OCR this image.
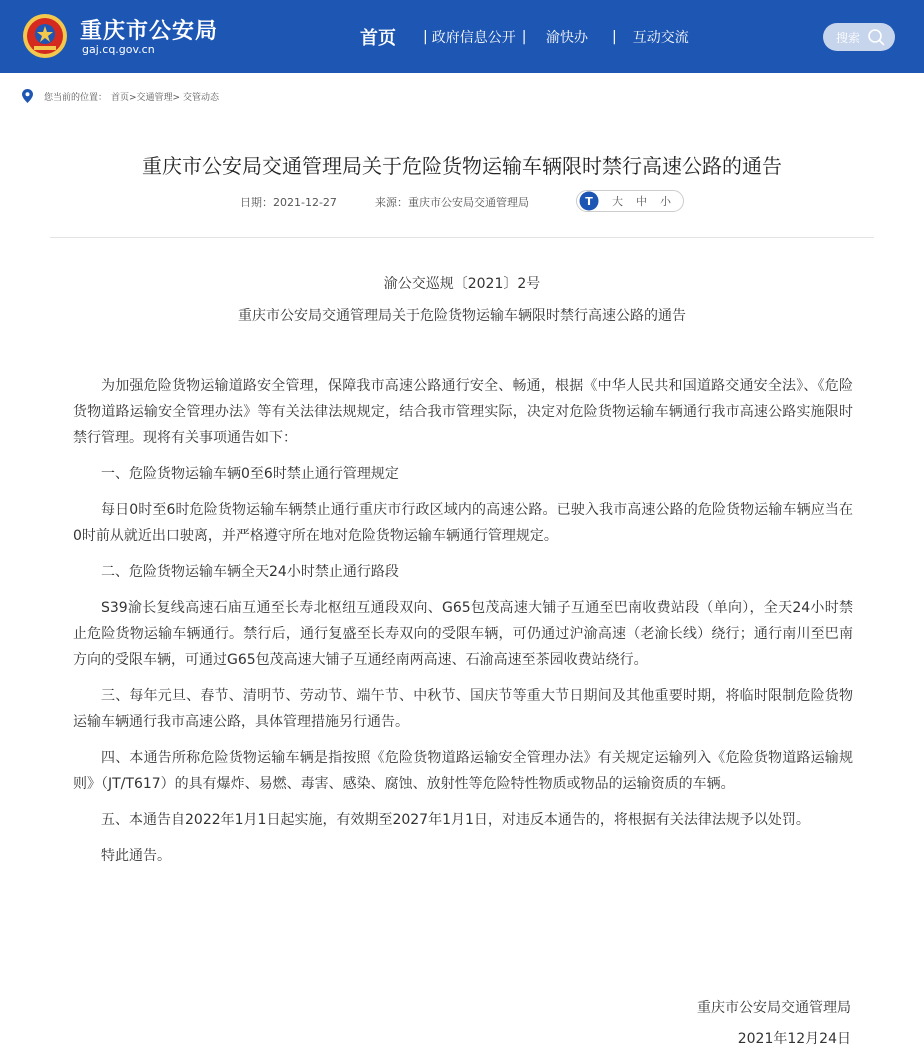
重庆市公安局
gaj.cq.gov.cn
首页 | 政府信息公开 | 渝快办 | 互动交流	搜索
您当前的位置： 首页>交通管理> 交管动态
重庆市公安局交通管理局关于危险货物运输车辆限时禁行高速公路的通告
日期：2021-12-27	来源：重庆市公安局交通管理局	T 大 中 小
渝公交巡规〔2021〕2号
重庆市公安局交通管理局关于危险货物运输车辆限时禁行高速公路的通告

为加强危险货物运输道路安全管理，保障我市高速公路通行安全、畅通，根据《中华人民共和国道路交通安全法》、《危险货物道路运输安全管理办法》等有关法律法规规定，结合我市管理实际，决定对危险货物运输车辆通行我市高速公路实施限时禁行管理。现将有关事项通告如下：

一、危险货物运输车辆0至6时禁止通行管理规定

每日0时至6时危险货物运输车辆禁止通行重庆市行政区域内的高速公路。已驶入我市高速公路的危险货物运输车辆应当在0时前从就近出口驶离，并严格遵守所在地对危险货物运输车辆通行管理规定。

二、危险货物运输车辆全天24小时禁止通行路段

S39渝长复线高速石庙互通至长寿北枢纽互通段双向、G65包茂高速大铺子互通至巴南收费站段（单向），全天24小时禁止危险货物运输车辆通行。禁行后，通行复盛至长寿双向的受限车辆，可仍通过沪渝高速（老渝长线）绕行；通行南川至巴南方向的受限车辆，可通过G65包茂高速大铺子互通经南两高速、石渝高速至茶园收费站绕行。

三、每年元旦、春节、清明节、劳动节、端午节、中秋节、国庆节等重大节日期间及其他重要时期，将临时限制危险货物运输车辆通行我市高速公路，具体管理措施另行通告。

四、本通告所称危险货物运输车辆是指按照《危险货物道路运输安全管理办法》有关规定运输列入《危险货物道路运输规则》（JT/T617）的具有爆炸、易燃、毒害、感染、腐蚀、放射性等危险特性物质或物品的运输资质的车辆。

五、本通告自2022年1月1日起实施，有效期至2027年1月1日，对违反本通告的，将根据有关法律法规予以处罚。

特此通告。

重庆市公安局交通管理局
2021年12月24日
